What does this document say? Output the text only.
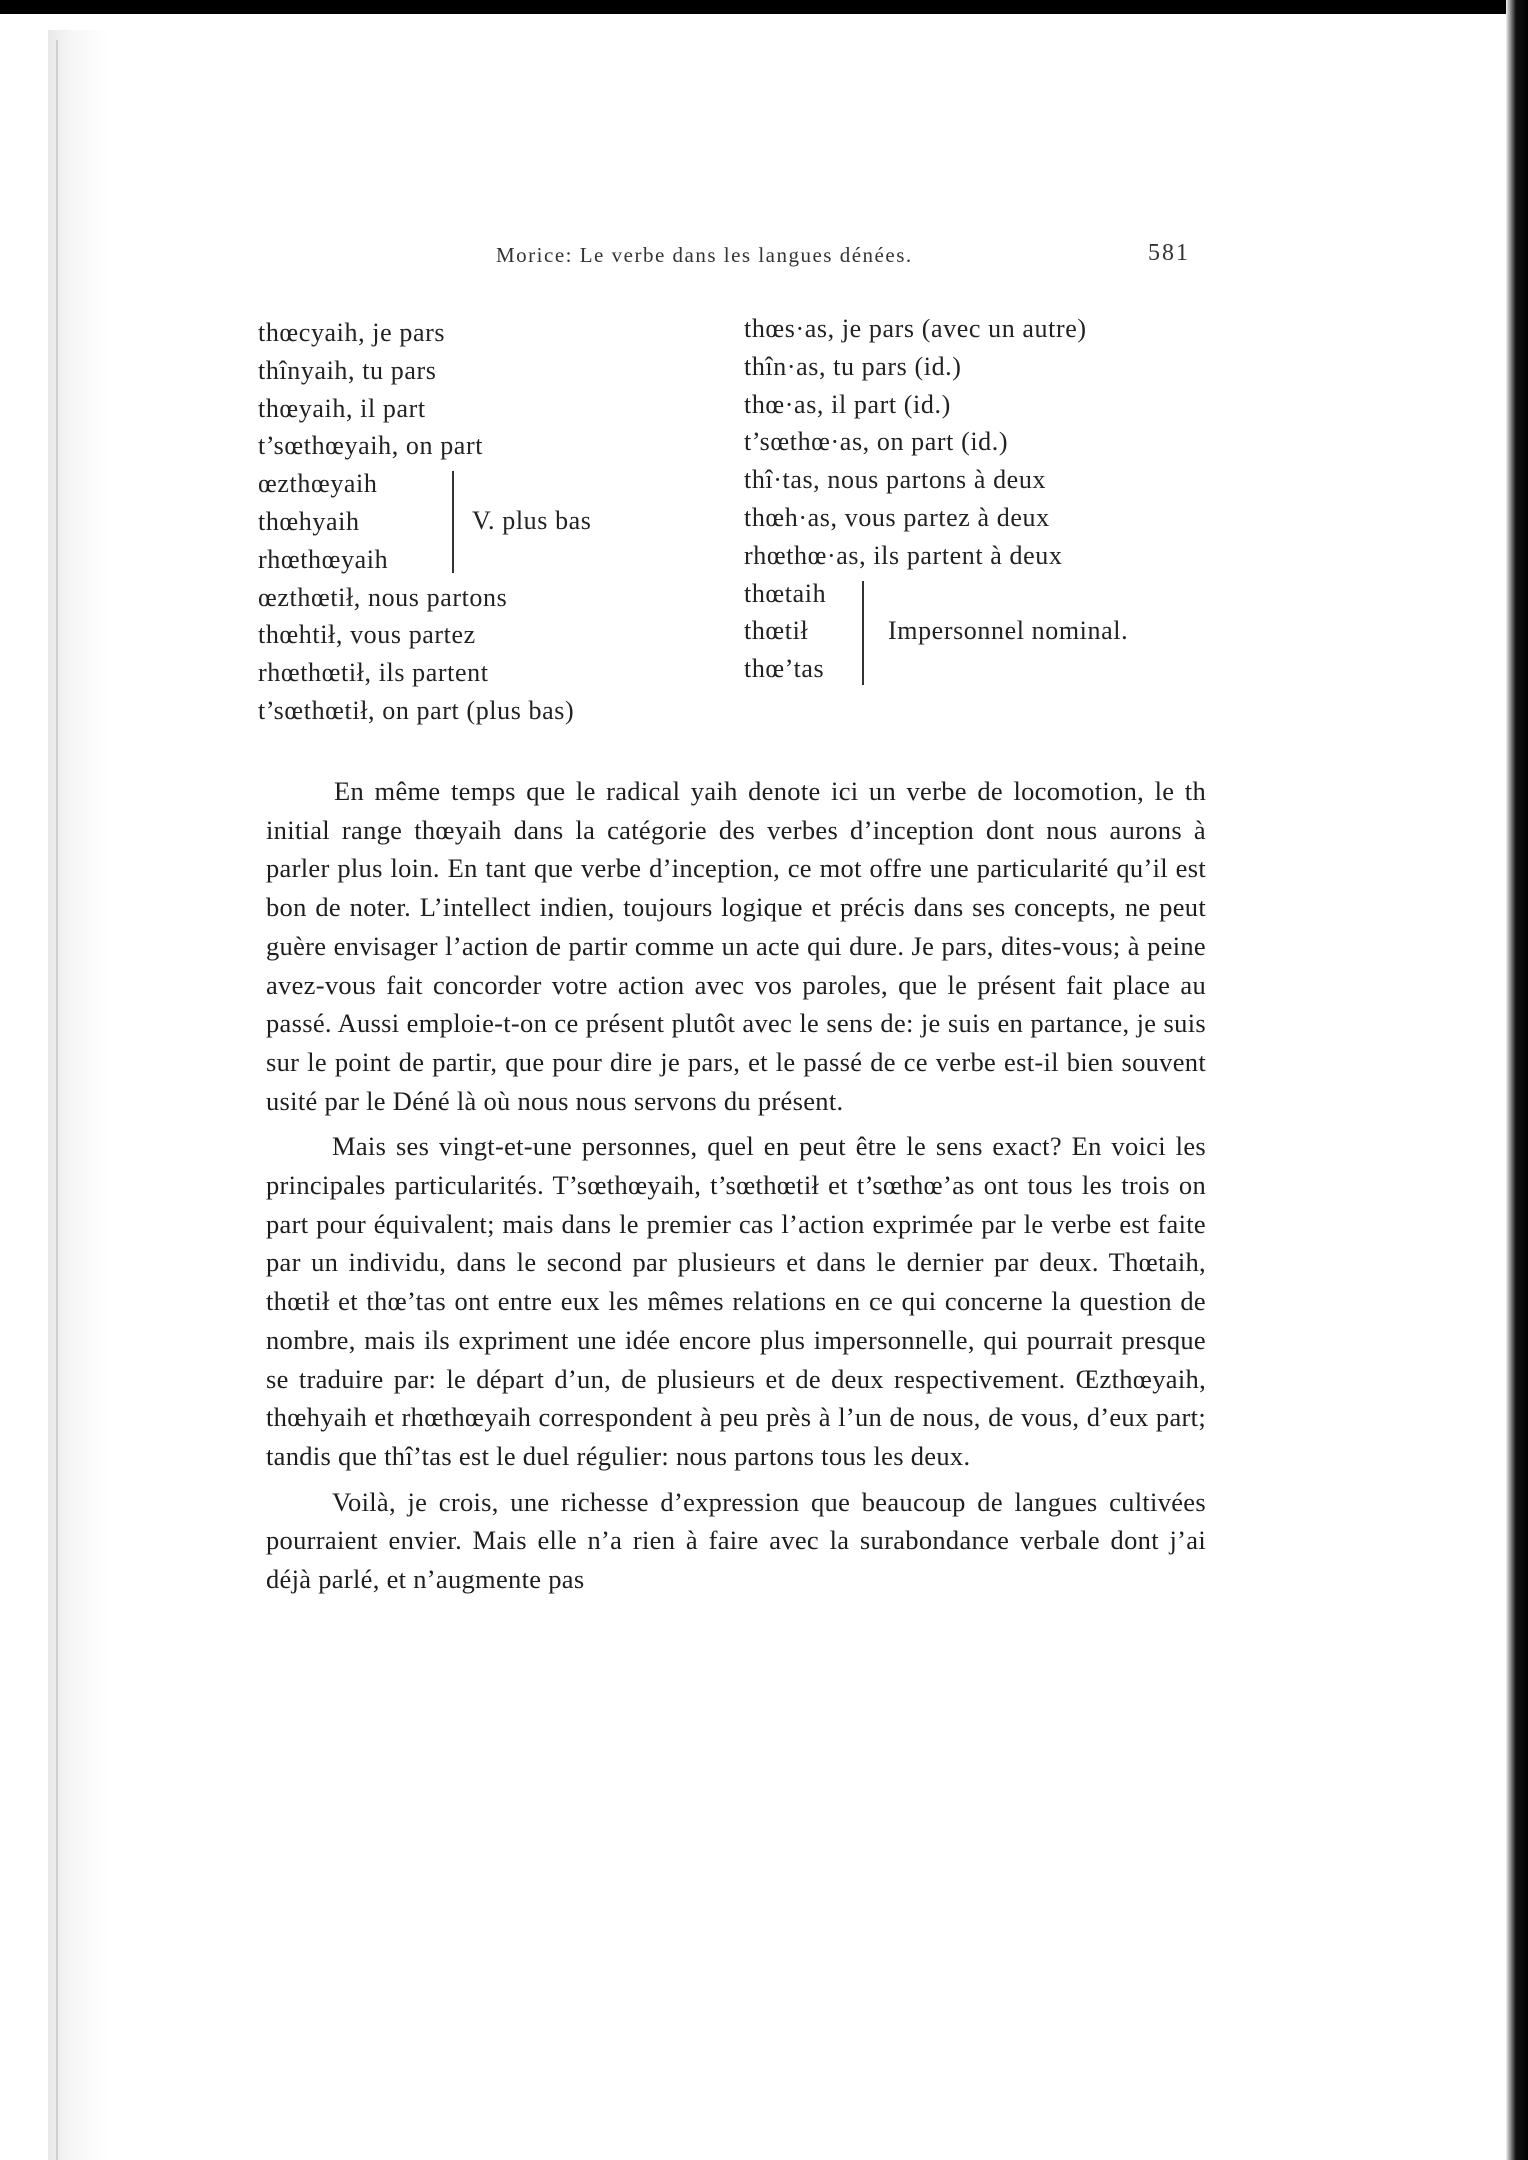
Morice: Le verbe dans les langues dénées.	581
thœcyaih, je pars
thînyaih, tu pars
thœyaih, il part
t’sœthœyaih, on part
œzthœyaih
thœhyaih
rhœthœyaih
V. plus bas
œzthœtił, nous partons
thœhtił, vous partez
rhœthœtił, ils partent
t’sœthœtił, on part (plus bas)
thœs·as, je pars (avec un autre)
thîn·as, tu pars (id.)
thœ·as, il part (id.)
t’sœthœ·as, on part (id.)
thî·tas, nous partons à deux
thœh·as, vous partez à deux
rhœthœ·as, ils partent à deux
thœtaih
thœtił
thœ’tas
Impersonnel nominal.

En même temps que le radical yaih denote ici un verbe de locomotion, le th initial range thœyaih dans la catégorie des verbes d’inception dont nous aurons à parler plus loin. En tant que verbe d’inception, ce mot offre une particularité qu’il est bon de noter. L’intellect indien, toujours logique et précis dans ses concepts, ne peut guère envisager l’action de partir comme un acte qui dure. Je pars, dites-vous; à peine avez-vous fait concorder votre action avec vos paroles, que le présent fait place au passé. Aussi emploie-t-on ce présent plutôt avec le sens de: je suis en partance, je suis sur le point de partir, que pour dire je pars, et le passé de ce verbe est-il bien souvent usité par le Déné là où nous nous servons du présent.

Mais ses vingt-et-une personnes, quel en peut être le sens exact? En voici les principales particularités. T’sœthœyaih, t’sœthœtił et t’sœthœ’as ont tous les trois on part pour équivalent; mais dans le premier cas l’action exprimée par le verbe est faite par un individu, dans le second par plusieurs et dans le dernier par deux. Thœtaih, thœtił et thœ’tas ont entre eux les mêmes relations en ce qui concerne la question de nombre, mais ils expriment une idée encore plus impersonnelle, qui pourrait presque se traduire par: le départ d’un, de plusieurs et de deux respectivement. Œzthœyaih, thœhyaih et rhœthœyaih correspondent à peu près à l’un de nous, de vous, d’eux part; tandis que thî’tas est le duel régulier: nous partons tous les deux.

Voilà, je crois, une richesse d’expression que beaucoup de langues cultivées pourraient envier. Mais elle n’a rien à faire avec la surabondance verbale dont j’ai déjà parlé, et n’augmente pas
